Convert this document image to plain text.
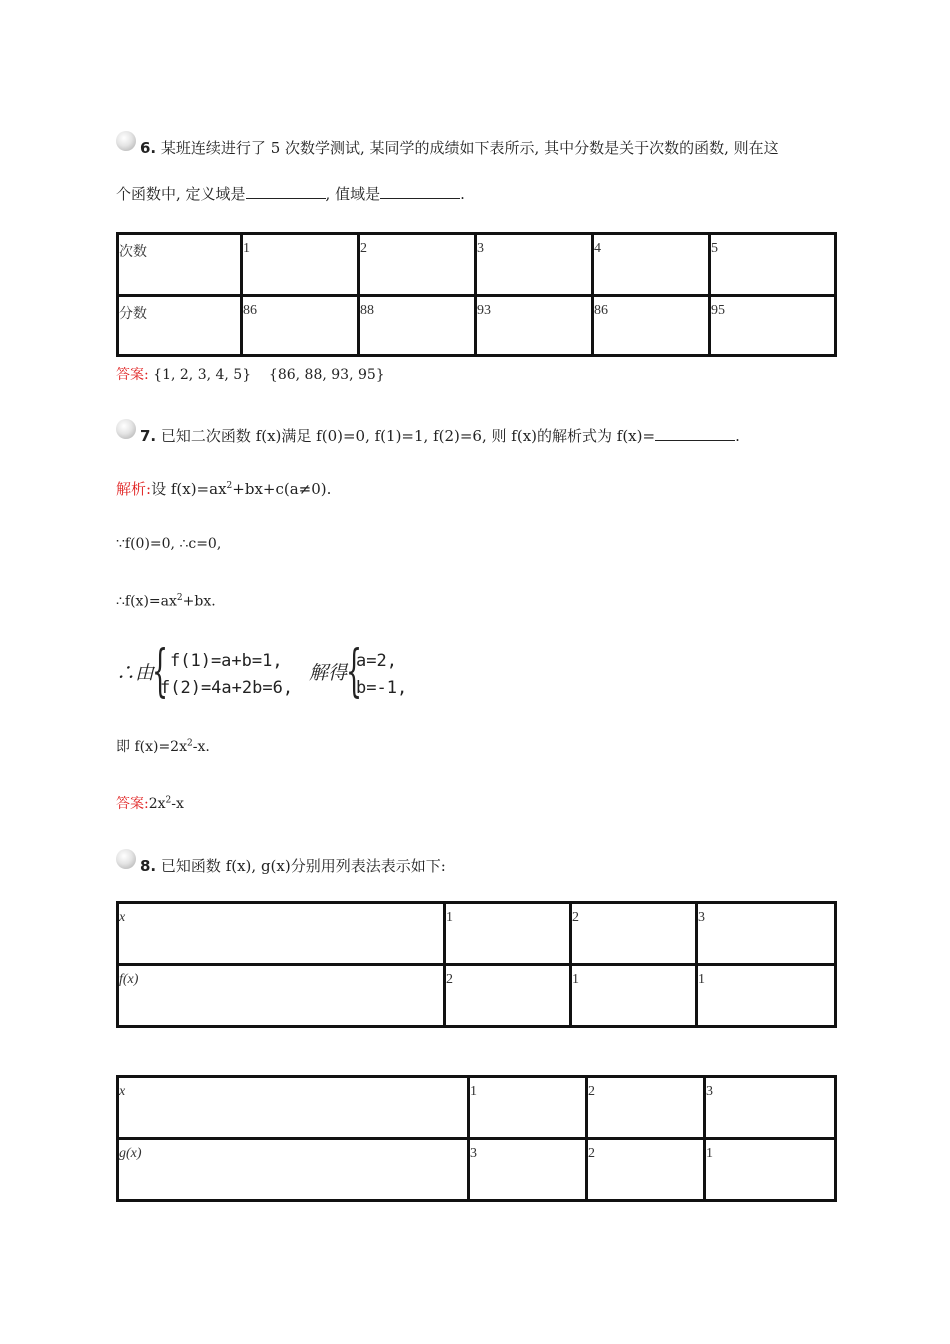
6. 某班连续进行了 5 次数学测试, 某同学的成绩如下表所示, 其中分数是关于次数的函数, 则在这
个函数中, 定义域是	, 值域是	.
次数	1	2	3	4	5
分数	86	88	93	86	95
答案: {1, 2, 3, 4, 5}    {86, 88, 93, 95}
7. 已知二次函数 f(x)满足 f(0)=0, f(1)=1, f(2)=6, 则 f(x)的解析式为 f(x)=	.
解析:设 $f(x)=ax^2+bx+c(a\ne 0)$.
∵f(0)=0, ∴c=0,
$\therefore f(x)=ax^2+bx$.
∴由
{ f(1)=a+b=1,
f(2)=4a+2b=6,
解得
{
a=2,
b=-1,
即 $f(x)=2x^2-x$.
答案$:2x^2-x$
8. 已知函数 f(x), g(x)分别用列表法表示如下:
x	1	2	3
f(x)	2	1	1
x	1	2	3
g(x)	3	2	1
